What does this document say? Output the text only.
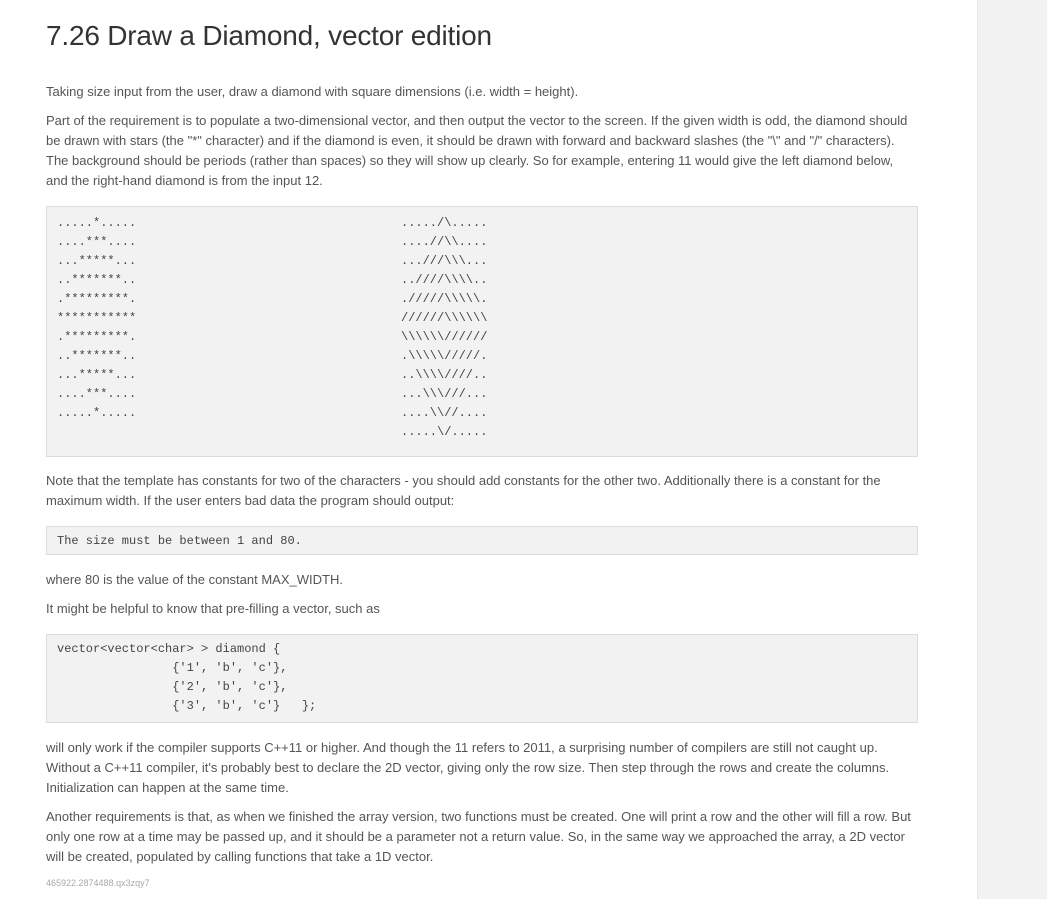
7.26 Draw a Diamond, vector edition

Taking size input from the user, draw a diamond with square dimensions (i.e. width = height).

Part of the requirement is to populate a two-dimensional vector, and then output the vector to the screen. If the given width is odd, the diamond should be drawn with stars (the "*" character) and if the diamond is even, it should be drawn with forward and backward slashes (the "\" and "/" characters). The background should be periods (rather than spaces) so they will show up clearly. So for example, entering 11 would give the left diamond below, and the right-hand diamond is from the input 12.

.....*.....
....***....
...*****...
..*******..
.*********.
***********
.*********.
..*******..
...*****...
....***....
.....*.....
...../\.....
....//\\....
...///\\\...
..////\\\\..
./////\\\\\.
//////\\\\\\
\\\\\\//////
.\\\\\/////.
..\\\\////..
...\\\///...
....\\//....
.....\/.....

Note that the template has constants for two of the characters - you should add constants for the other two. Additionally there is a constant for the maximum width. If the user enters bad data the program should output:

The size must be between 1 and 80.

where 80 is the value of the constant MAX_WIDTH.

It might be helpful to know that pre-filling a vector, such as

vector<vector<char> > diamond {
{'1', 'b', 'c'},
{'2', 'b', 'c'},
{'3', 'b', 'c'}   };

will only work if the compiler supports C++11 or higher. And though the 11 refers to 2011, a surprising number of compilers are still not caught up. Without a C++11 compiler, it's probably best to declare the 2D vector, giving only the row size. Then step through the rows and create the columns. Initialization can happen at the same time.

Another requirements is that, as when we finished the array version, two functions must be created. One will print a row and the other will fill a row. But only one row at a time may be passed up, and it should be a parameter not a return value. So, in the same way we approached the array, a 2D vector will be created, populated by calling functions that take a 1D vector.

465922.2874488.qx3zqy7
